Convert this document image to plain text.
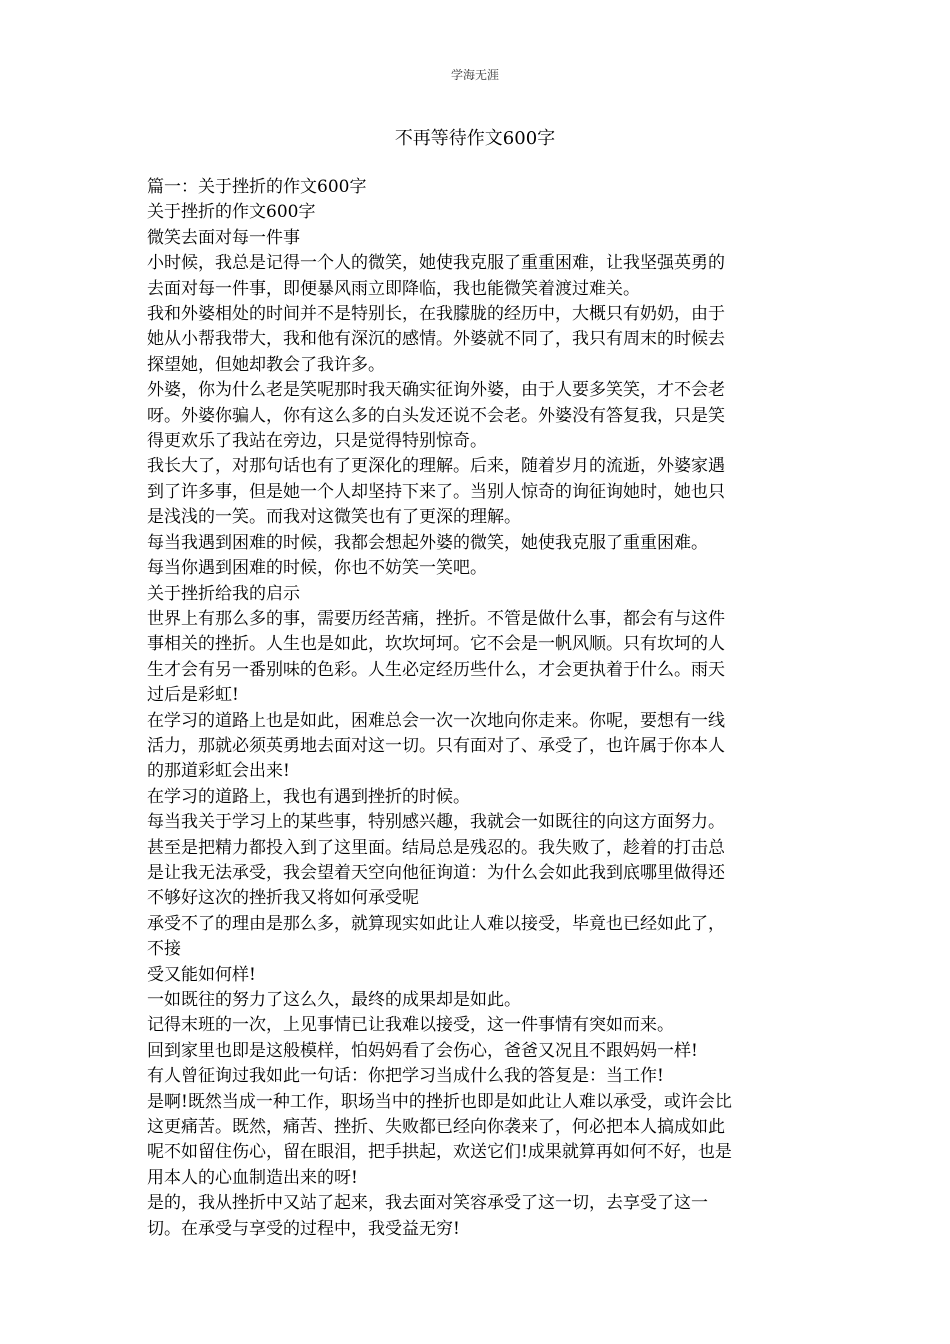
学海无涯
不再等待作文600字
篇一：关于挫折的作文600字
关于挫折的作文600字
微笑去面对每一件事
小时候，我总是记得一个人的微笑，她使我克服了重重困难，让我坚强英勇的
去面对每一件事，即便暴风雨立即降临，我也能微笑着渡过难关。
我和外婆相处的时间并不是特别长，在我朦胧的经历中，大概只有奶奶，由于
她从小帮我带大，我和他有深沉的感情。外婆就不同了，我只有周末的时候去
探望她，但她却教会了我许多。
外婆，你为什么老是笑呢那时我天确实征询外婆，由于人要多笑笑，才不会老
呀。外婆你骗人，你有这么多的白头发还说不会老。外婆没有答复我，只是笑
得更欢乐了我站在旁边，只是觉得特别惊奇。
我长大了，对那句话也有了更深化的理解。后来，随着岁月的流逝，外婆家遇
到了许多事，但是她一个人却坚持下来了。当别人惊奇的询征询她时，她也只
是浅浅的一笑。而我对这微笑也有了更深的理解。
每当我遇到困难的时候，我都会想起外婆的微笑，她使我克服了重重困难。
每当你遇到困难的时候，你也不妨笑一笑吧。
关于挫折给我的启示
世界上有那么多的事，需要历经苦痛，挫折。不管是做什么事，都会有与这件
事相关的挫折。人生也是如此，坎坎坷坷。它不会是一帆风顺。只有坎坷的人
生才会有另一番别味的色彩。人生必定经历些什么，才会更执着于什么。雨天
过后是彩虹!
在学习的道路上也是如此，困难总会一次一次地向你走来。你呢，要想有一线
活力，那就必须英勇地去面对这一切。只有面对了、承受了，也许属于你本人
的那道彩虹会出来!
在学习的道路上，我也有遇到挫折的时候。
每当我关于学习上的某些事，特别感兴趣，我就会一如既往的向这方面努力。
甚至是把精力都投入到了这里面。结局总是残忍的。我失败了，趁着的打击总
是让我无法承受，我会望着天空向他征询道：为什么会如此我到底哪里做得还
不够好这次的挫折我又将如何承受呢
承受不了的理由是那么多，就算现实如此让人难以接受，毕竟也已经如此了，
不接
受又能如何样!
一如既往的努力了这么久，最终的成果却是如此。
记得末班的一次，上见事情已让我难以接受，这一件事情有突如而来。
回到家里也即是这般模样，怕妈妈看了会伤心，爸爸又况且不跟妈妈一样!
有人曾征询过我如此一句话：你把学习当成什么我的答复是：当工作!
是啊!既然当成一种工作，职场当中的挫折也即是如此让人难以承受，或许会比
这更痛苦。既然，痛苦、挫折、失败都已经向你袭来了，何必把本人搞成如此
呢不如留住伤心，留在眼泪，把手拱起，欢送它们!成果就算再如何不好，也是
用本人的心血制造出来的呀!
是的，我从挫折中又站了起来，我去面对笑容承受了这一切，去享受了这一
切。在承受与享受的过程中，我受益无穷!
